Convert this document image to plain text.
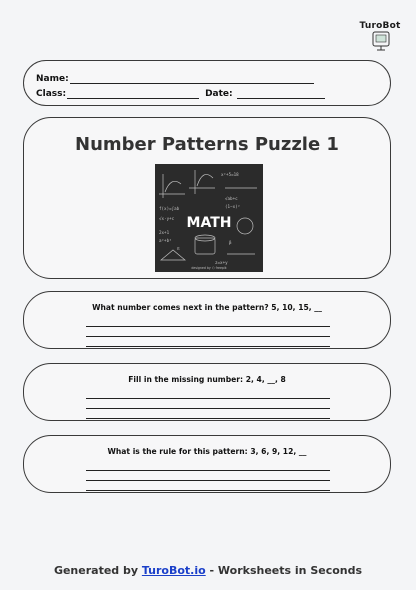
TuroBot
Name:
Class:	Date:
Number Patterns Puzzle 1
f(x)=∫ab
√x·y+c
2x+1
a²+b²
x²+5=18
√ab+c
(1−x)²
β
π
z=x+y
MATH
designed by ⬡ freepik
What number comes next in the pattern? 5, 10, 15, __
Fill in the missing number: 2, 4, __, 8
What is the rule for this pattern: 3, 6, 9, 12, __
Generated by TuroBot.io - Worksheets in Seconds
